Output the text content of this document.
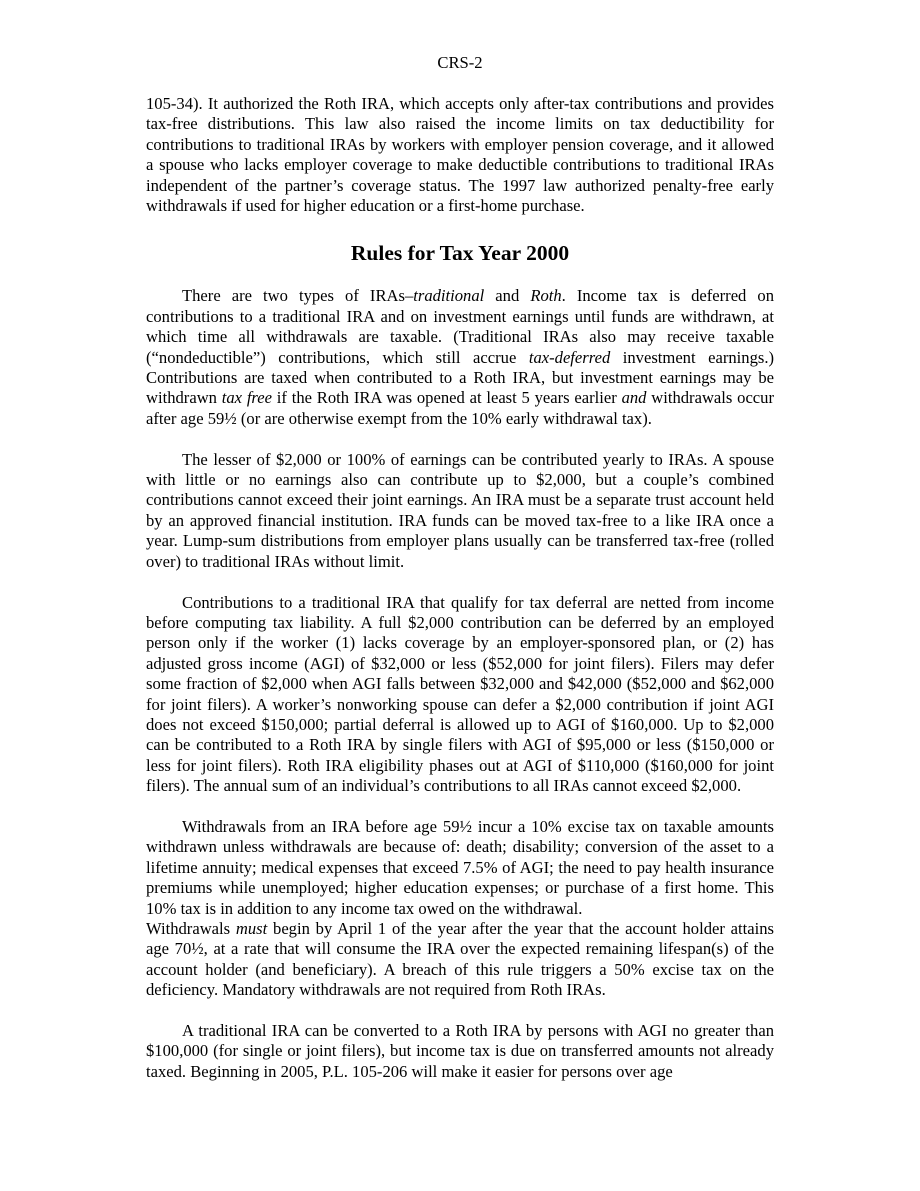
CRS-2

105-34). It authorized the Roth IRA, which accepts only after-tax contributions and provides tax-free distributions. This law also raised the income limits on tax deductibility for contributions to traditional IRAs by workers with employer pension coverage, and it allowed a spouse who lacks employer coverage to make deductible contributions to traditional IRAs independent of the partner’s coverage status. The 1997 law authorized penalty-free early withdrawals if used for higher education or a first-home purchase.

Rules for Tax Year 2000

There are two types of IRAs–traditional and Roth. Income tax is deferred on contributions to a traditional IRA and on investment earnings until funds are withdrawn, at which time all withdrawals are taxable. (Traditional IRAs also may receive taxable (“nondeductible”) contributions, which still accrue tax-deferred investment earnings.) Contributions are taxed when contributed to a Roth IRA, but investment earnings may be withdrawn tax free if the Roth IRA was opened at least 5 years earlier and withdrawals occur after age 59½ (or are otherwise exempt from the 10% early withdrawal tax).

The lesser of $2,000 or 100% of earnings can be contributed yearly to IRAs. A spouse with little or no earnings also can contribute up to $2,000, but a couple’s combined contributions cannot exceed their joint earnings. An IRA must be a separate trust account held by an approved financial institution. IRA funds can be moved tax-free to a like IRA once a year. Lump-sum distributions from employer plans usually can be transferred tax-free (rolled over) to traditional IRAs without limit.

Contributions to a traditional IRA that qualify for tax deferral are netted from income before computing tax liability. A full $2,000 contribution can be deferred by an employed person only if the worker (1) lacks coverage by an employer-sponsored plan, or (2) has adjusted gross income (AGI) of $32,000 or less ($52,000 for joint filers). Filers may defer some fraction of $2,000 when AGI falls between $32,000 and $42,000 ($52,000 and $62,000 for joint filers). A worker’s nonworking spouse can defer a $2,000 contribution if joint AGI does not exceed $150,000; partial deferral is allowed up to AGI of $160,000. Up to $2,000 can be contributed to a Roth IRA by single filers with AGI of $95,000 or less ($150,000 or less for joint filers). Roth IRA eligibility phases out at AGI of $110,000 ($160,000 for joint filers). The annual sum of an individual’s contributions to all IRAs cannot exceed $2,000.

Withdrawals from an IRA before age 59½ incur a 10% excise tax on taxable amounts withdrawn unless withdrawals are because of: death; disability; conversion of the asset to a lifetime annuity; medical expenses that exceed 7.5% of AGI; the need to pay health insurance premiums while unemployed; higher education expenses; or purchase of a first home. This 10% tax is in addition to any income tax owed on the withdrawal.

Withdrawals must begin by April 1 of the year after the year that the account holder attains age 70½, at a rate that will consume the IRA over the expected remaining lifespan(s) of the account holder (and beneficiary). A breach of this rule triggers a 50% excise tax on the deficiency. Mandatory withdrawals are not required from Roth IRAs.

A traditional IRA can be converted to a Roth IRA by persons with AGI no greater than $100,000 (for single or joint filers), but income tax is due on transferred amounts not already taxed. Beginning in 2005, P.L. 105-206 will make it easier for persons over age
